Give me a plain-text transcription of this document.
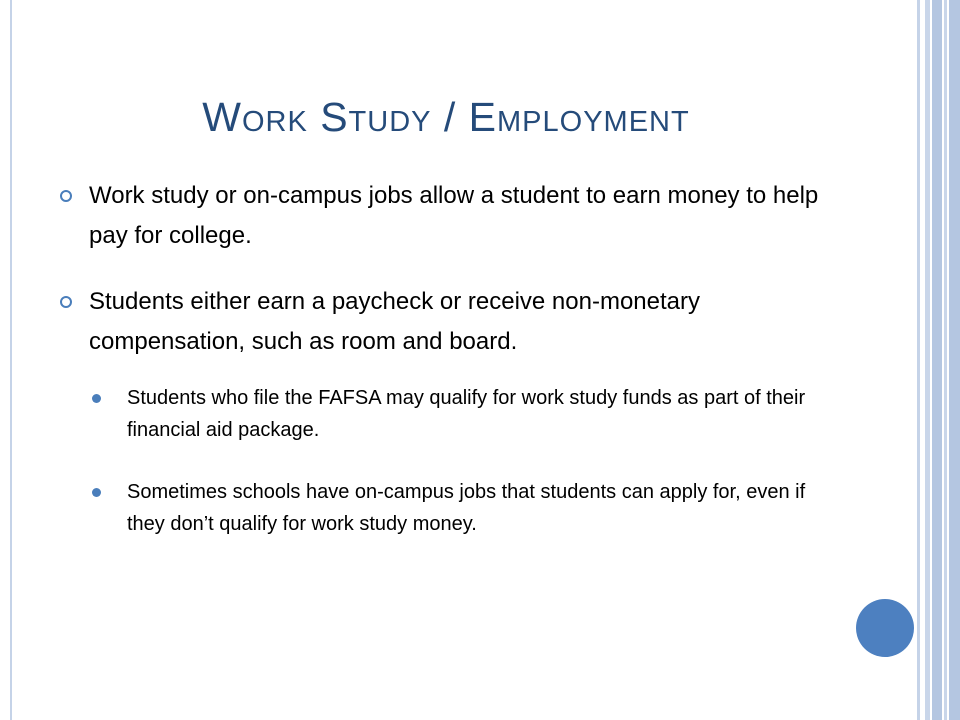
Work Study / Employment
Work study or on-campus jobs allow a student to earn money to help pay for college.
Students either earn a paycheck or receive non-monetary compensation, such as room and board.
Students who file the FAFSA may qualify for work study funds as part of their financial aid package.
Sometimes schools have on-campus jobs that students can apply for, even if they don’t qualify for work study money.
